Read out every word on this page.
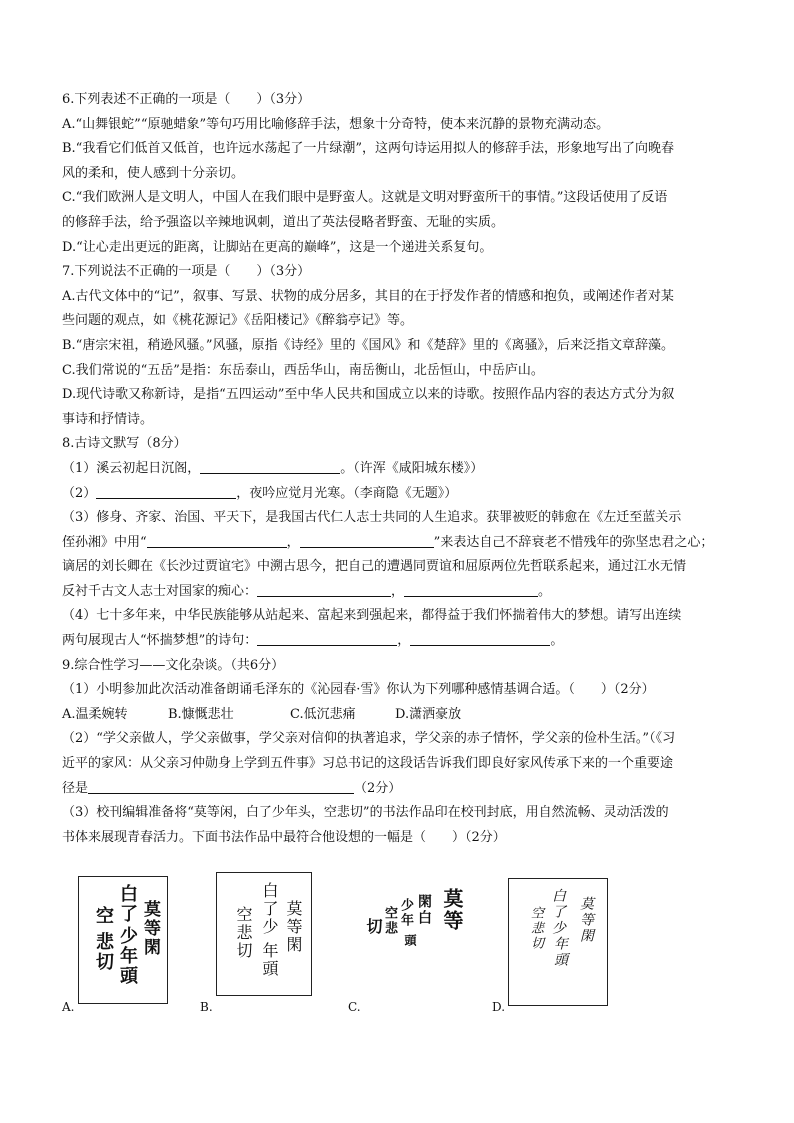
6.下列表述不正确的一项是（　　）（3分）
A.“山舞银蛇”“原驰蜡象”等句巧用比喻修辞手法，想象十分奇特，使本来沉静的景物充满动态。
B.“我看它们低首又低首，也许远水荡起了一片绿潮”，这两句诗运用拟人的修辞手法，形象地写出了向晚春
风的柔和，使人感到十分亲切。
C.“我们欧洲人是文明人，中国人在我们眼中是野蛮人。这就是文明对野蛮所干的事情。”这段话使用了反语
的修辞手法，给予强盗以辛辣地讽刺，道出了英法侵略者野蛮、无耻的实质。
D.“让心走出更远的距离，让脚站在更高的巅峰”，这是一个递进关系复句。
7.下列说法不正确的一项是（　　）（3分）
A.古代文体中的“记”，叙事、写景、状物的成分居多，其目的在于抒发作者的情感和抱负，或阐述作者对某
些问题的观点，如《桃花源记》《岳阳楼记》《醉翁亭记》等。
B.“唐宗宋祖，稍逊风骚。”风骚，原指《诗经》里的《国风》和《楚辞》里的《离骚》，后来泛指文章辞藻。
C.我们常说的“五岳”是指：东岳泰山，西岳华山，南岳衡山，北岳恒山，中岳庐山。
D.现代诗歌又称新诗，是指“五四运动”至中华人民共和国成立以来的诗歌。按照作品内容的表达方式分为叙
事诗和抒情诗。
8.古诗文默写（8分）
（1）溪云初起日沉阁，	。（许浑《咸阳城东楼》）
（2）	，夜吟应觉月光寒。（李商隐《无题》）
（3）修身、齐家、治国、平天下，是我国古代仁人志士共同的人生追求。获罪被贬的韩愈在《左迁至蓝关示
侄孙湘》中用“	，	”来表达自己不辞衰老不惜残年的弥坚忠君之心；
谪居的刘长卿在《长沙过贾谊宅》中溯古思今，把自己的遭遇同贾谊和屈原两位先哲联系起来，通过江水无情
反衬千古文人志士对国家的痴心：	，	。
（4）七十多年来，中华民族能够从站起来、富起来到强起来，都得益于我们怀揣着伟大的梦想。请写出连续
两句展现古人“怀揣梦想”的诗句：	，	。
9.综合性学习——文化杂谈。（共6分）
（1）小明参加此次活动准备朗诵毛泽东的《沁园春·雪》你认为下列哪种感情基调合适。（　　）（2分）
A.温柔婉转	B.慷慨悲壮	C.低沉悲痛	D.潇洒豪放
（2）“学父亲做人，学父亲做事，学父亲对信仰的执著追求，学父亲的赤子情怀，学父亲的俭朴生活。”（《习
近平的家风：从父亲习仲勋身上学到五件事》习总书记的这段话告诉我们即良好家风传承下来的一个重要途
径是	（2分）
（3）校刊编辑准备将“莫等闲，白了少年头，空悲切”的书法作品印在校刊封底，用自然流畅、灵动活泼的
书体来展现青春活力。下面书法作品中最符合他设想的一幅是（　　）（2分）
白了 莫等閑
空
悲切 少年頭
A.
白了少 莫等閑
空悲切 年頭
B.
莫等
閑白
少年
空悲
切
頭
C.
白了少 莫等閑
空悲切
年頭
D.
